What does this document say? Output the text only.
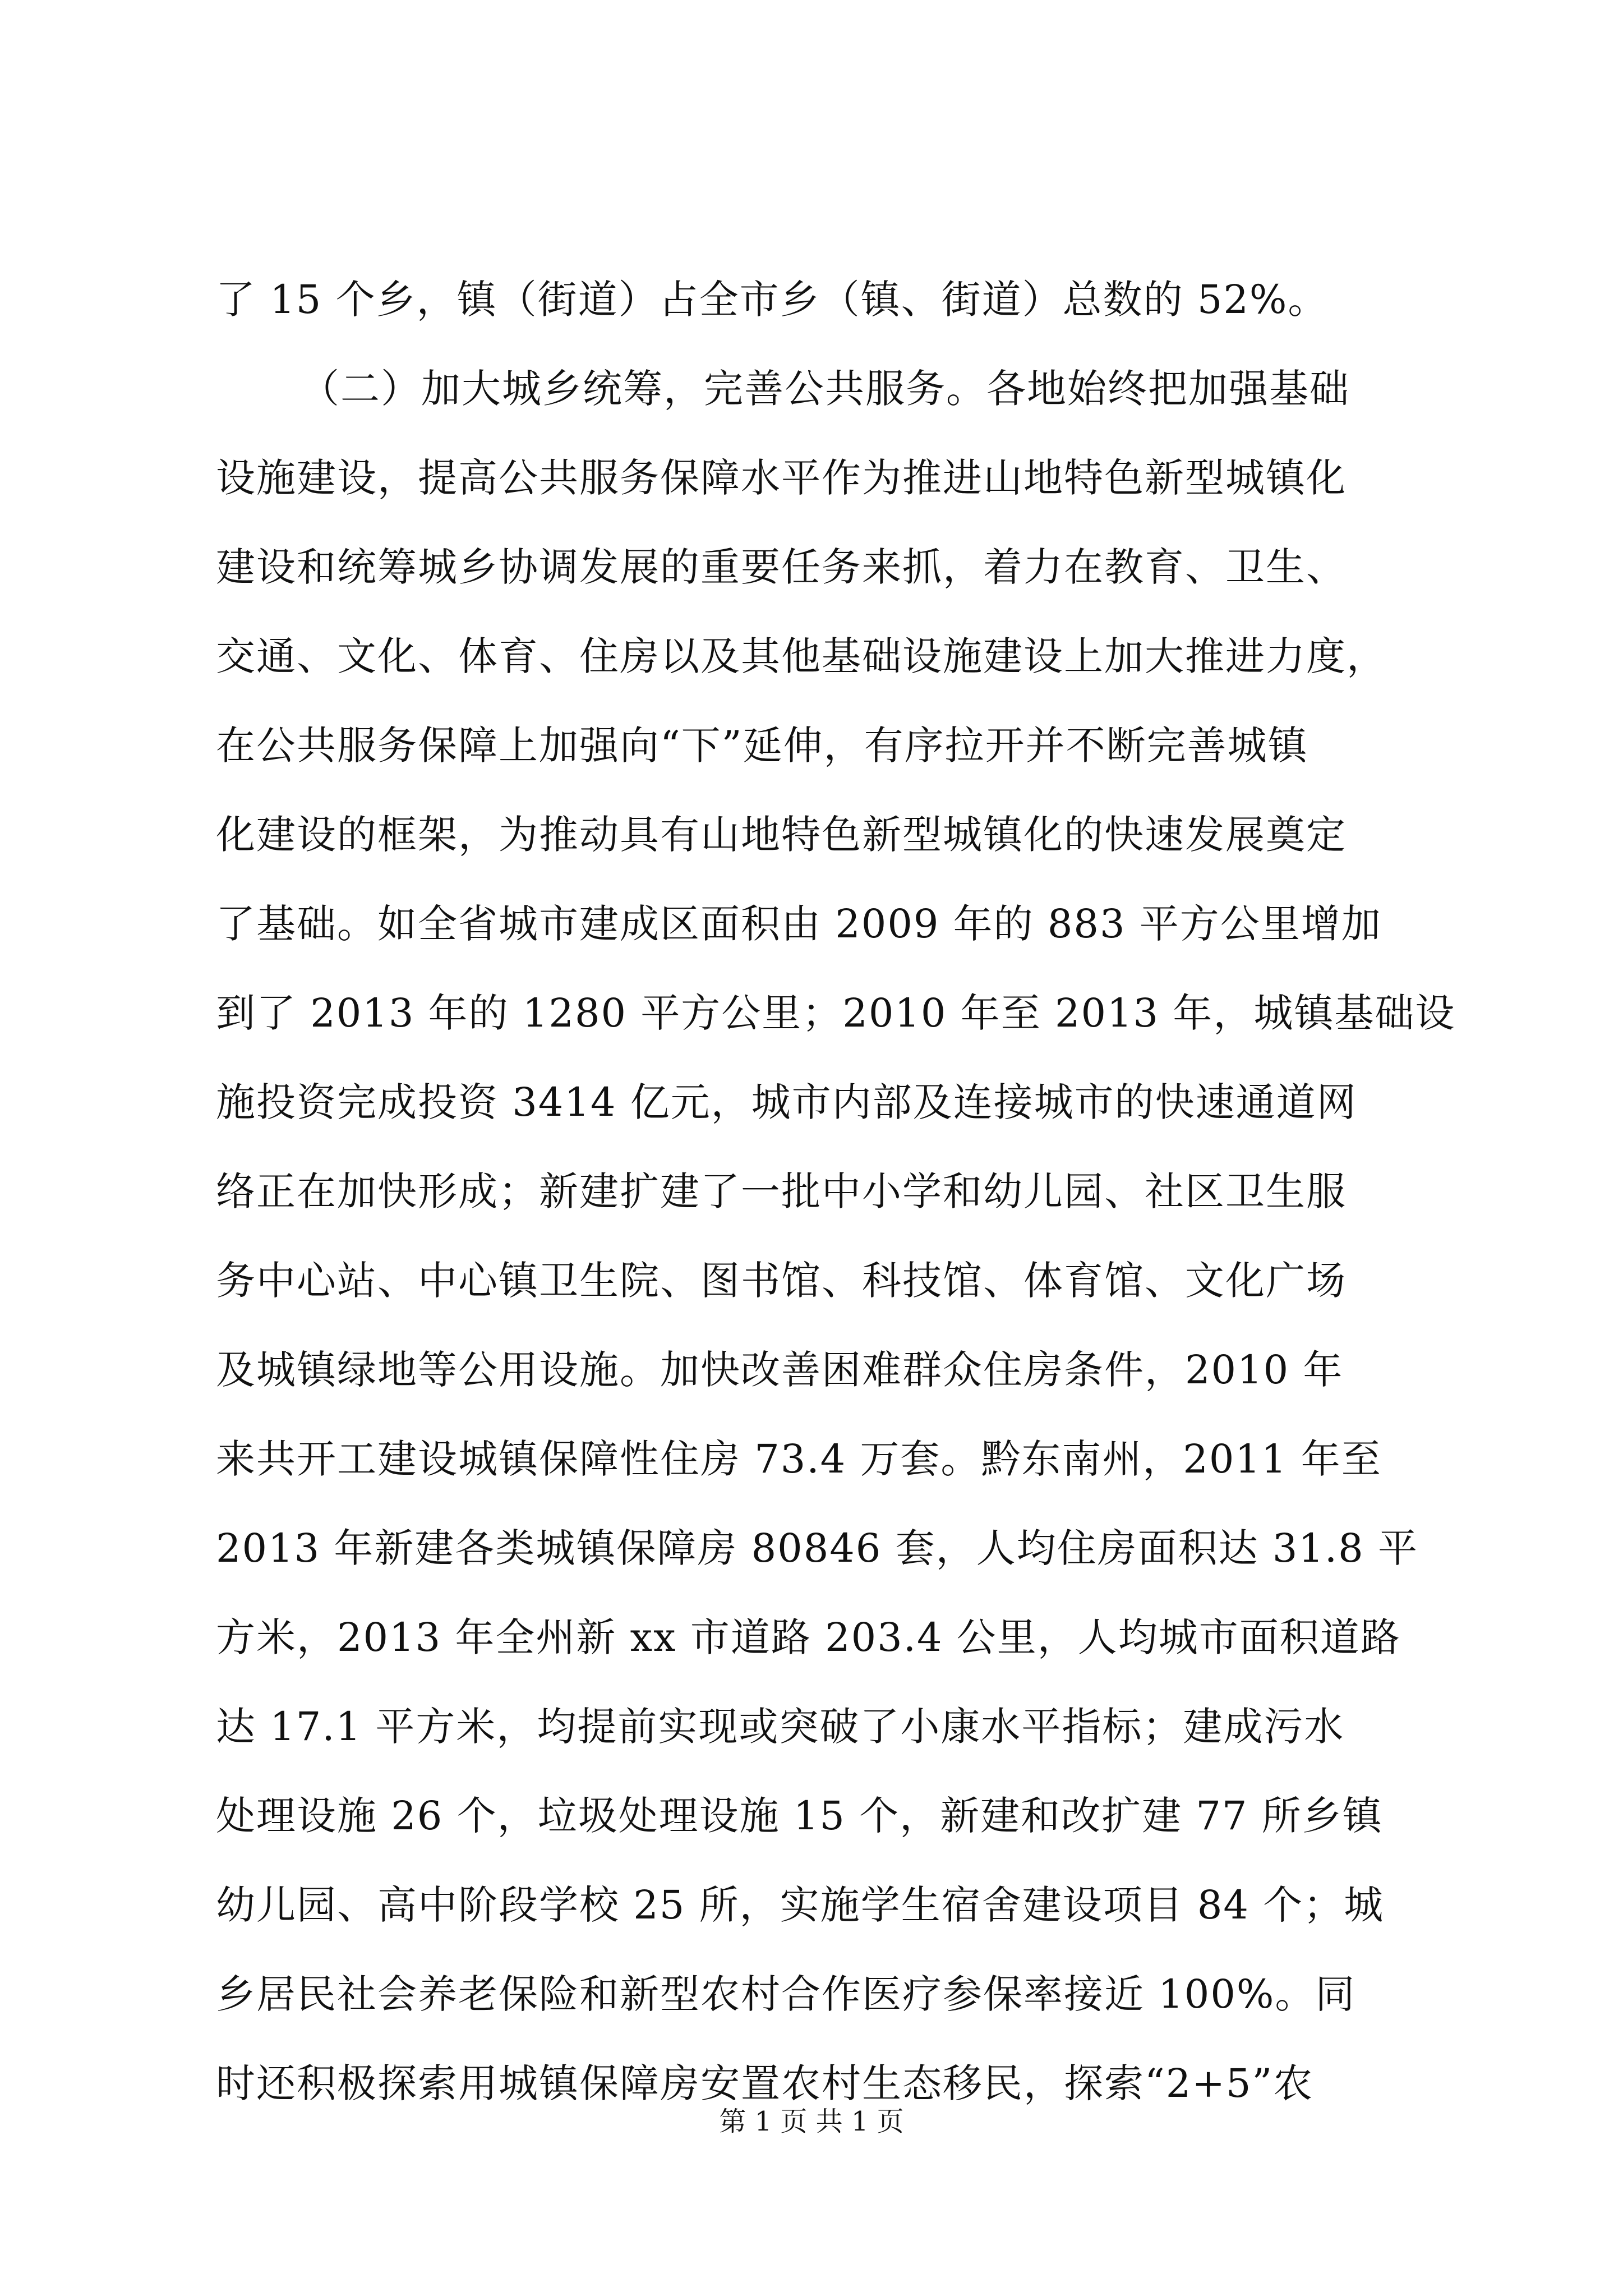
了 15 个乡，镇（街道）占全市乡（镇、街道）总数的 52%。
（二）加大城乡统筹，完善公共服务。各地始终把加强基础
设施建设，提高公共服务保障水平作为推进山地特色新型城镇化
建设和统筹城乡协调发展的重要任务来抓，着力在教育、卫生、
交通、文化、体育、住房以及其他基础设施建设上加大推进力度，
在公共服务保障上加强向“下”延伸，有序拉开并不断完善城镇
化建设的框架，为推动具有山地特色新型城镇化的快速发展奠定
了基础。如全省城市建成区面积由 2009 年的 883 平方公里增加
到了 2013 年的 1280 平方公里；2010 年至 2013 年，城镇基础设
施投资完成投资 3414 亿元，城市内部及连接城市的快速通道网
络正在加快形成；新建扩建了一批中小学和幼儿园、社区卫生服
务中心站、中心镇卫生院、图书馆、科技馆、体育馆、文化广场
及城镇绿地等公用设施。加快改善困难群众住房条件，2010 年
来共开工建设城镇保障性住房 73.4 万套。黔东南州，2011 年至
2013 年新建各类城镇保障房 80846 套，人均住房面积达 31.8 平
方米，2013 年全州新 xx 市道路 203.4 公里，人均城市面积道路
达 17.1 平方米，均提前实现或突破了小康水平指标；建成污水
处理设施 26 个，垃圾处理设施 15 个，新建和改扩建 77 所乡镇
幼儿园、高中阶段学校 25 所，实施学生宿舍建设项目 84 个；城
乡居民社会养老保险和新型农村合作医疗参保率接近 100%。同
时还积极探索用城镇保障房安置农村生态移民，探索“2+5”农
第 1 页 共 1 页
